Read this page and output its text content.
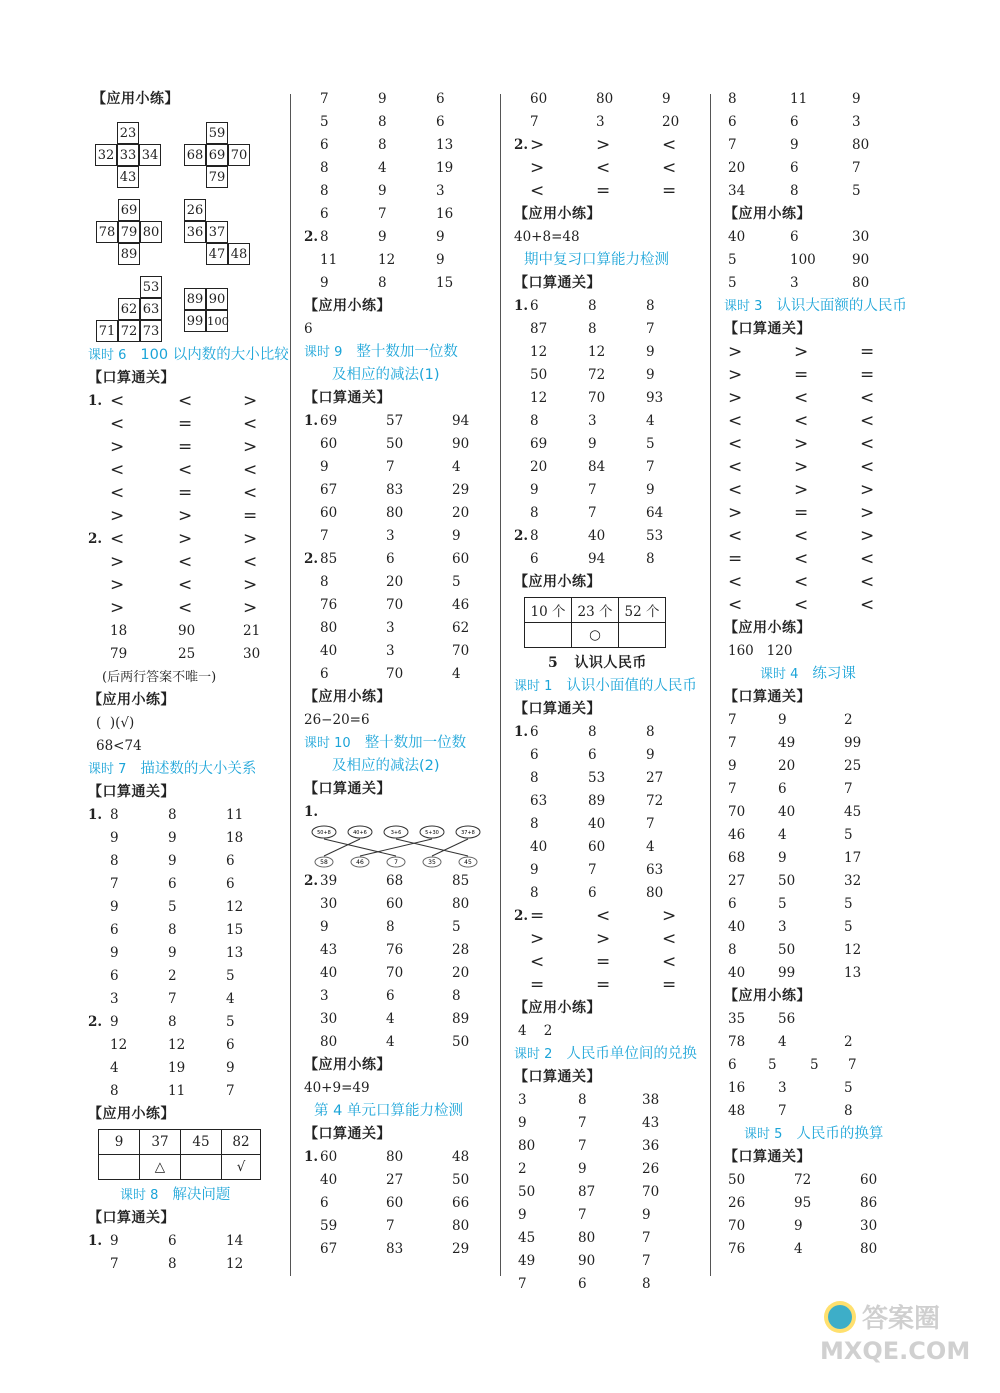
【应用小练】
23
32 33 34
43
59
68 69 70
79
69
78 79 80
89
26
36 37
47 48
53
62 63
71 72 73
89 90
99 100
课时 6 100 以内数的大小比较
【口算通关】
1. <	<	>
<	=	<
>	=	>
<	<	<
<	=	<
>	>	=
2. <	>	>
>	<	<
>	<	>
>	<	>
18	90	21
79	25	30
(后两行答案不唯一)
【应用小练】
(  )(√)
68<74
课时 7 描述数的大小关系
【口算通关】
1. 8	8	11
9	9	18
8	9	6
7	6	6
9	5	12
6	8	15
9	9	13
6	2	5
3	7	4
2. 9	8	5
12	12	6
4	19	9
8	11	7
【应用小练】
9	37	45	82
	△		√
课时 8 解决问题
【口算通关】
1. 9	6	14
7	8	12
7	9	6
5	8	6
6	8	13
8	4	19
8	9	3
6	7	16
2. 8	9	9
11	12	9
9	8	15
【应用小练】
6
课时 9 整十数加一位数
及相应的减法(1)
【口算通关】
1. 69	57	94
60	50	90
9	7	4
67	83	29
60	80	20
7	3	9
2. 85	6	60
8	20	5
76	70	46
80	3	62
40	3	70
6	70	4
【应用小练】
26−20=6
课时 10 整十数加一位数
及相应的减法(2)
【口算通关】
1.
50+8	40+6	3+6	5+30	37+8
58	46	7	35	45
2. 39	68	85
30	60	80
9	8	5
43	76	28
40	70	20
3	6	8
30	4	89
80	4	50
【应用小练】
40+9=49
第 4 单元口算能力检测
【口算通关】
1. 60	80	48
40	27	50
6	60	66
59	7	80
67	83	29
60	80	9
7	3	20
2. >	>	<
>	<	<
<	=	=
【应用小练】
40+8=48
期中复习口算能力检测
【口算通关】
1. 6	8	8
87	8	7
12	12	9
50	72	9
12	70	93
8	3	4
69	9	5
20	84	7
9	7	9
8	7	64
2. 8	40	53
6	94	8
【应用小练】
10 个	23 个	52 个
	○	
5   认识人民币
课时 1 认识小面值的人民币
【口算通关】
1. 6	8	8
6	6	9
8	53	27
63	89	72
8	40	7
40	60	4
9	7	63
8	6	80
2. =	<	>
>	>	<
<	=	<
=	=	=
【应用小练】
4    2
课时 2 人民币单位间的兑换
【口算通关】
3	8	38
9	7	43
80	7	36
2	9	26
50	87	70
9	7	9
45	80	7
49	90	7
7	6	8
8	11	9
6	6	3
7	9	80
20	6	7
34	8	5
【应用小练】
40	6	30
5	100	90
5	3	80
课时 3 认识大面额的人民币
【口算通关】
>	>	=
>	=	=
>	<	<
<	<	<
<	>	<
<	>	<
<	>	>
>	=	>
<	<	>
=	<	<
<	<	<
<	<	<
【应用小练】
160   120
课时 4 练习课
【口算通关】
7	9	2
7	49	99
9	20	25
7	6	7
70 40	45
46 4	5
68 9	17
27 50	32
6	5	5
40 3	5
8	50	12
40 99	13
【应用小练】
35 56
78 4	2
6 5 5 7
16 3	5
48 7	8
课时 5 人民币的换算
【口算通关】
50	72	60
26	95	86
70	9	30
76	4	80
答案圈
MXQE.COM
